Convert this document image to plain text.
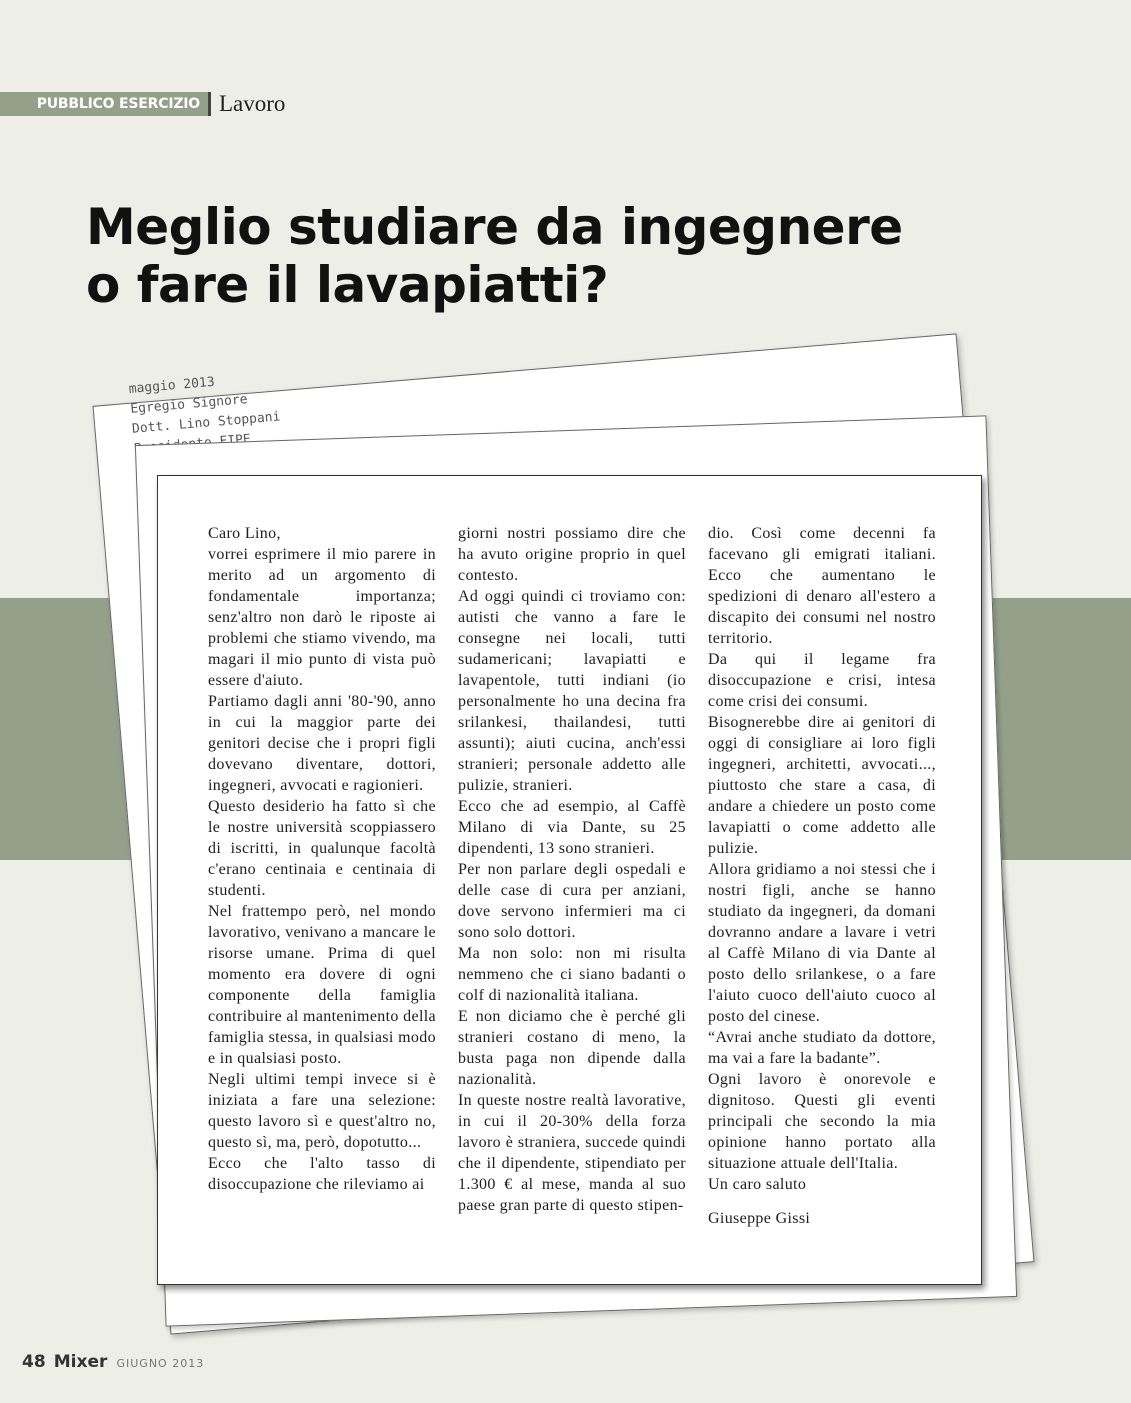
PUBBLICO ESERCIZIO Lavoro
Meglio studiare da ingegnere
o fare il lavapiatti?
maggio 2013
Egregio Signore
Dott. Lino Stoppani

Caro Lino,

vorrei esprimere il mio parere in merito ad un argomento di fondamentale importanza; senz'altro non darò le riposte ai problemi che stiamo vivendo, ma magari il mio punto di vista può essere d'aiuto.

Partiamo dagli anni '80-'90, anno in cui la maggior parte dei genitori decise che i propri figli dovevano diventare, dottori, ingegneri, avvocati e ragionieri.

Questo desiderio ha fatto sì che le nostre università scoppiassero di iscritti, in qualunque facoltà c'erano centinaia e centinaia di studenti.

Nel frattempo però, nel mondo lavorativo, venivano a mancare le risorse umane. Prima di quel momento era dovere di ogni componente della famiglia contribuire al mantenimento della famiglia stessa, in qualsiasi modo e in qualsiasi posto.

Negli ultimi tempi invece si è iniziata a fare una selezione: questo lavoro sì e quest'altro no, questo sì, ma, però, dopotutto...

Ecco che l'alto tasso di disoccupazione che rileviamo ai

giorni nostri possiamo dire che ha avuto origine proprio in quel contesto.

Ad oggi quindi ci troviamo con: autisti che vanno a fare le consegne nei locali, tutti sudamericani; lavapiatti e lavapentole, tutti indiani (io personalmente ho una decina fra srilankesi, thailandesi, tutti assunti); aiuti cucina, anch'essi stranieri; personale addetto alle pulizie, stranieri.

Ecco che ad esempio, al Caffè Milano di via Dante, su 25 dipendenti, 13 sono stranieri.

Per non parlare degli ospedali e delle case di cura per anziani, dove servono infermieri ma ci sono solo dottori.

Ma non solo: non mi risulta nemmeno che ci siano badanti o colf di nazionalità italiana.

E non diciamo che è perché gli stranieri costano di meno, la busta paga non dipende dalla nazionalità.

In queste nostre realtà lavorative, in cui il 20-30% della forza lavoro è straniera, succede quindi che il dipendente, stipendiato per 1.300 € al mese, manda al suo paese gran parte di questo stipen-

dio. Così come decenni fa facevano gli emigrati italiani. Ecco che aumentano le spedizioni di denaro all'estero a discapito dei consumi nel nostro territorio.

Da qui il legame fra disoccupazione e crisi, intesa come crisi dei consumi.

Bisognerebbe dire ai genitori di oggi di consigliare ai loro figli ingegneri, architetti, avvocati..., piuttosto che stare a casa, di andare a chiedere un posto come lavapiatti o come addetto alle pulizie.

Allora gridiamo a noi stessi che i nostri figli, anche se hanno studiato da ingegneri, da domani dovranno andare a lavare i vetri al Caffè Milano di via Dante al posto dello srilankese, o a fare l'aiuto cuoco dell'aiuto cuoco al posto del cinese.

“Avrai anche studiato da dottore, ma vai a fare la badante”.

Ogni lavoro è onorevole e dignitoso. Questi gli eventi principali che secondo la mia opinione hanno portato alla situazione attuale dell'Italia.

Un caro saluto

Giuseppe Gissi

48 Mixer GIUGNO 2013
